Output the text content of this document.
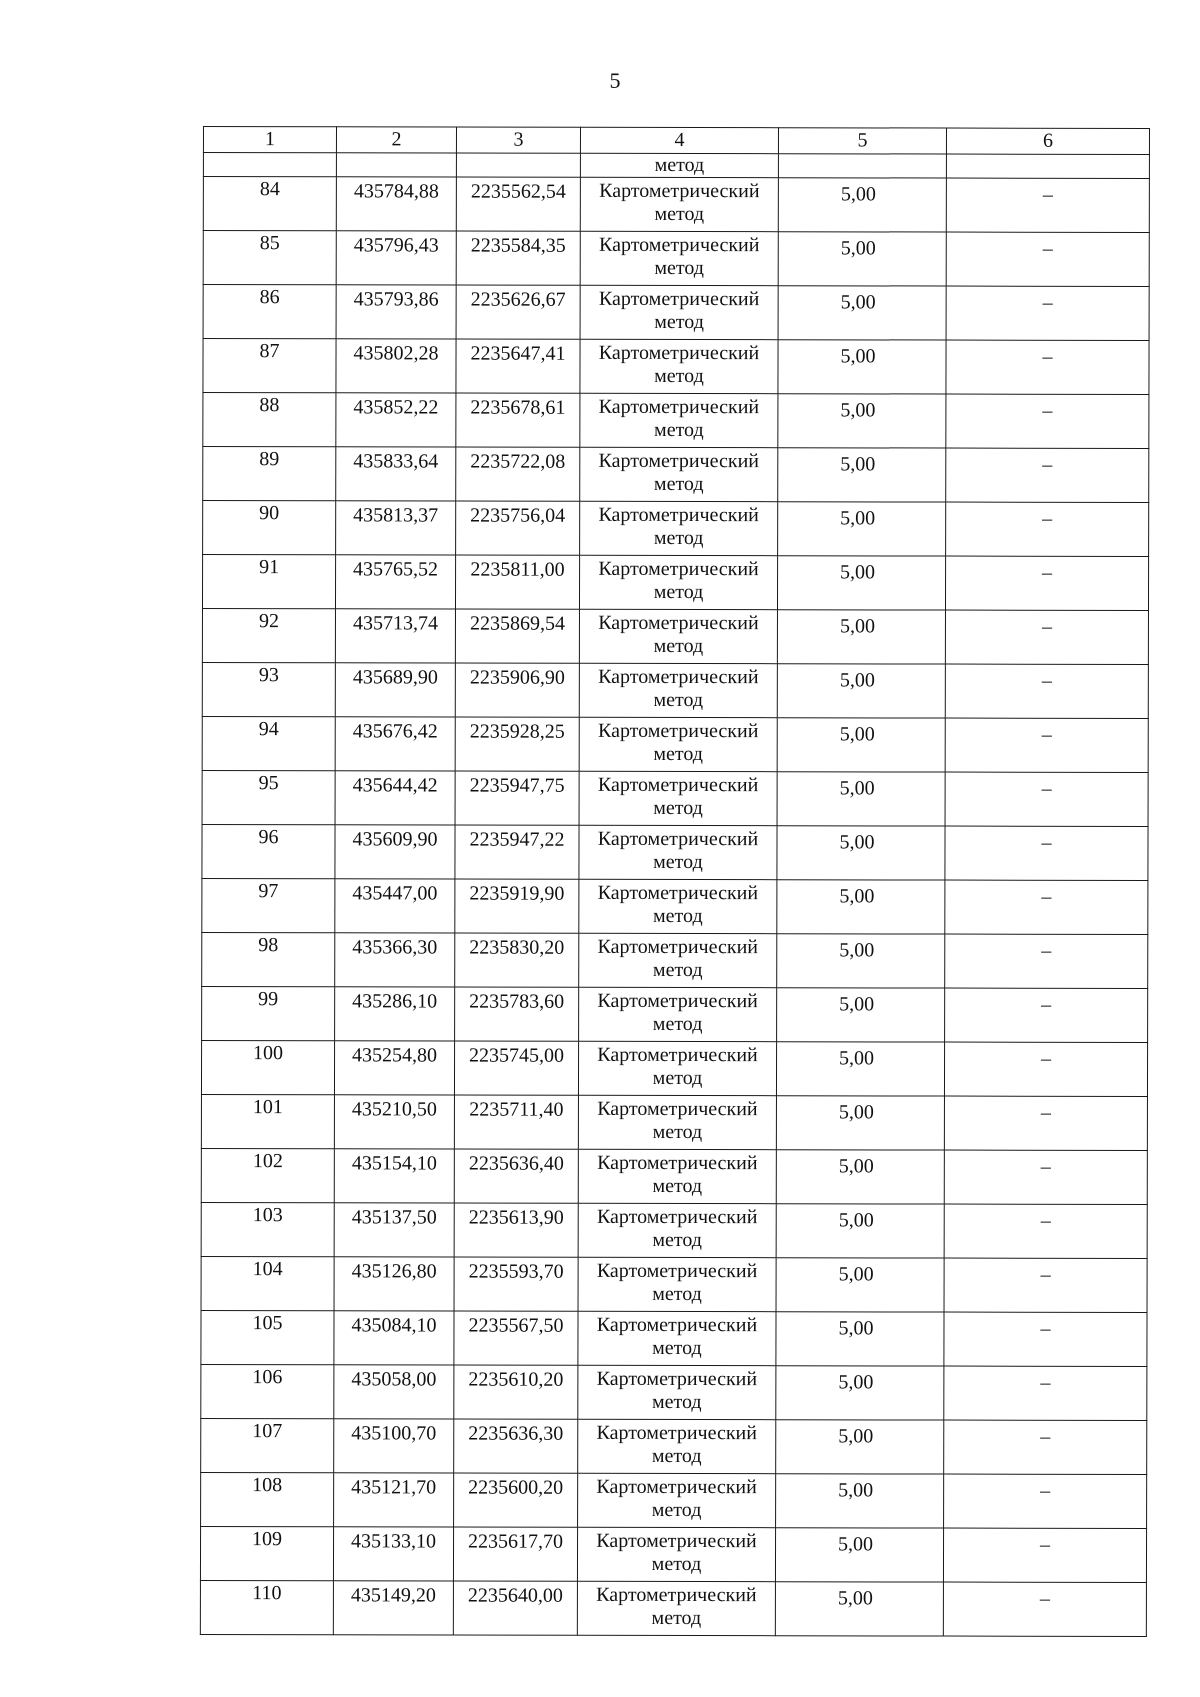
5
1	2	3	4	5	6
			метод		

84	435784,88	2235562,54	Картометрический
метод	5,00	–

85	435796,43	2235584,35	Картометрический
метод	5,00	–

86	435793,86	2235626,67	Картометрический
метод	5,00	–

87	435802,28	2235647,41	Картометрический
метод	5,00	–

88	435852,22	2235678,61	Картометрический
метод	5,00	–

89	435833,64	2235722,08	Картометрический
метод	5,00	–

90	435813,37	2235756,04	Картометрический
метод	5,00	–

91	435765,52	2235811,00	Картометрический
метод	5,00	–

92	435713,74	2235869,54	Картометрический
метод	5,00	–

93	435689,90	2235906,90	Картометрический
метод	5,00	–

94	435676,42	2235928,25	Картометрический
метод	5,00	–

95	435644,42	2235947,75	Картометрический
метод	5,00	–

96	435609,90	2235947,22	Картометрический
метод	5,00	–

97	435447,00	2235919,90	Картометрический
метод	5,00	–

98	435366,30	2235830,20	Картометрический
метод	5,00	–

99	435286,10	2235783,60	Картометрический
метод	5,00	–

100	435254,80	2235745,00	Картометрический
метод	5,00	–

101	435210,50	2235711,40	Картометрический
метод	5,00	–

102	435154,10	2235636,40	Картометрический
метод	5,00	–

103	435137,50	2235613,90	Картометрический
метод	5,00	–

104	435126,80	2235593,70	Картометрический
метод	5,00	–

105	435084,10	2235567,50	Картометрический
метод	5,00	–

106	435058,00	2235610,20	Картометрический
метод	5,00	–

107	435100,70	2235636,30	Картометрический
метод	5,00	–

108	435121,70	2235600,20	Картометрический
метод	5,00	–

109	435133,10	2235617,70	Картометрический
метод	5,00	–

110	435149,20	2235640,00	Картометрический
метод	5,00	–
